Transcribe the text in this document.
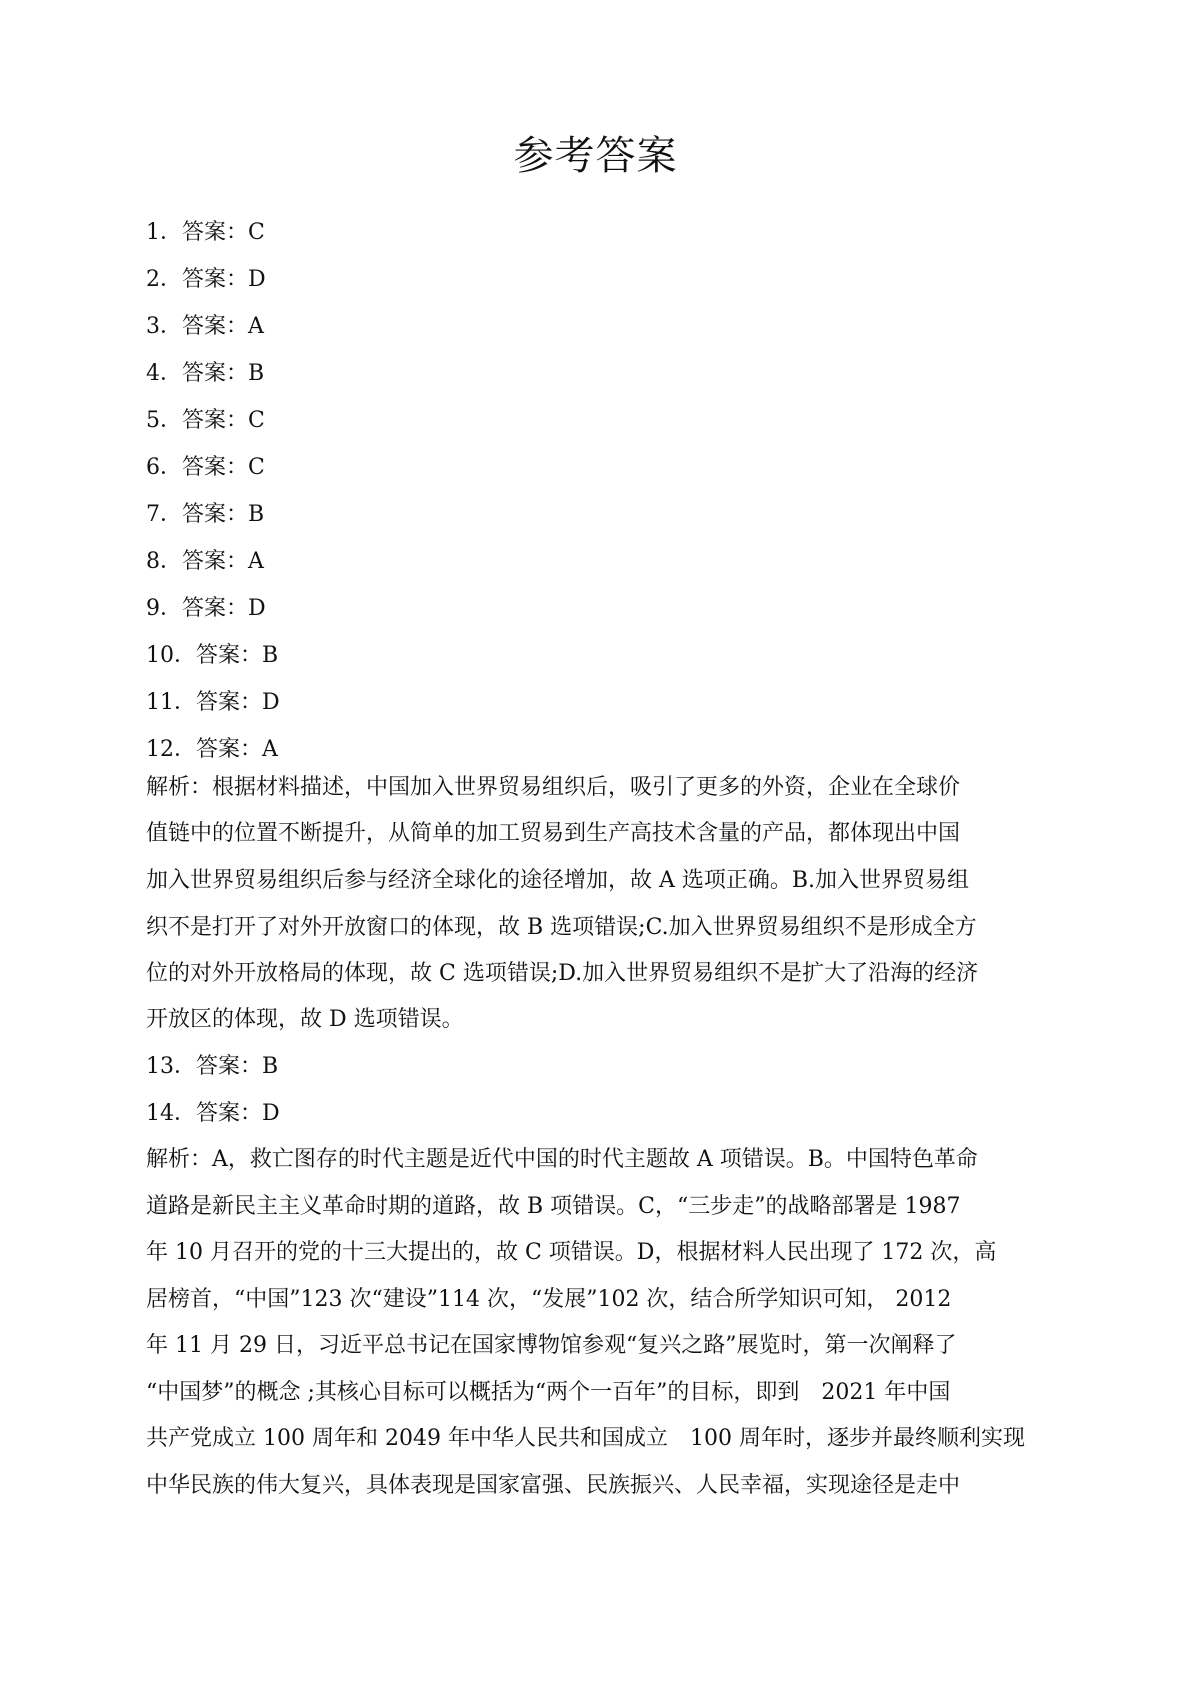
参考答案
1．答案：C
2．答案：D
3．答案：A
4．答案：B
5．答案：C
6．答案：C
7．答案：B
8．答案：A
9．答案：D
10．答案：B
11．答案：D
12．答案：A
解析：根据材料描述，中国加入世界贸易组织后，吸引了更多的外资，企业在全球价
值链中的位置不断提升，从简单的加工贸易到生产高技术含量的产品，都体现出中国
加入世界贸易组织后参与经济全球化的途径增加，故 A 选项正确。B.加入世界贸易组
织不是打开了对外开放窗口的体现，故 B 选项错误;C.加入世界贸易组织不是形成全方
位的对外开放格局的体现，故 C 选项错误;D.加入世界贸易组织不是扩大了沿海的经济
开放区的体现，故 D 选项错误。
13．答案：B
14．答案：D
解析：A，救亡图存的时代主题是近代中国的时代主题故 A 项错误。B。中国特色革命
道路是新民主主义革命时期的道路，故 B 项错误。C，“三步走”的战略部署是 1987
年 10 月召开的党的十三大提出的，故 C 项错误。D，根据材料人民出现了 172 次，高
居榜首，“中国”123 次“建设”114 次，“发展”102 次，结合所学知识可知， 2012
年 11 月 29 日，习近平总书记在国家博物馆参观“复兴之路”展览时，第一次阐释了
“中国梦”的概念 ;其核心目标可以概括为“两个一百年”的目标，即到　2021 年中国
共产党成立 100 周年和 2049 年中华人民共和国成立　100 周年时，逐步并最终顺利实现
中华民族的伟大复兴，具体表现是国家富强、民族振兴、人民幸福，实现途径是走中
